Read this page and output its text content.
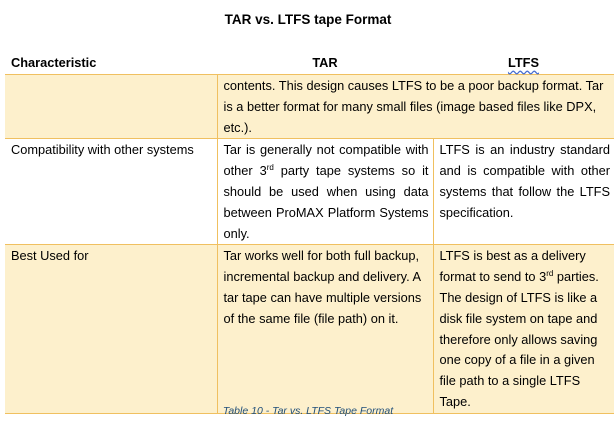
TAR vs. LTFS tape Format
Characteristic	TAR	LTFS
	contents. This design causes LTFS to be a poor backup format. Tar is a better format for many small files (image based files like DPX, etc.).	
Compatibility with other systems	Tar is generally not compatible with other 3rd party tape systems so it should be used when using data between ProMAX Platform Systems only.	LTFS is an industry standard and is compatible with other systems that follow the LTFS specification.
Best Used for	Tar works well for both full backup, incremental backup and delivery. A tar tape can have multiple versions of the same file (file path) on it.	LTFS is best as a delivery format to send to 3rd parties. The design of LTFS is like a disk file system on tape and therefore only allows saving one copy of a file in a given file path to a single LTFS Tape.
Table 10 - Tar vs. LTFS Tape Format
